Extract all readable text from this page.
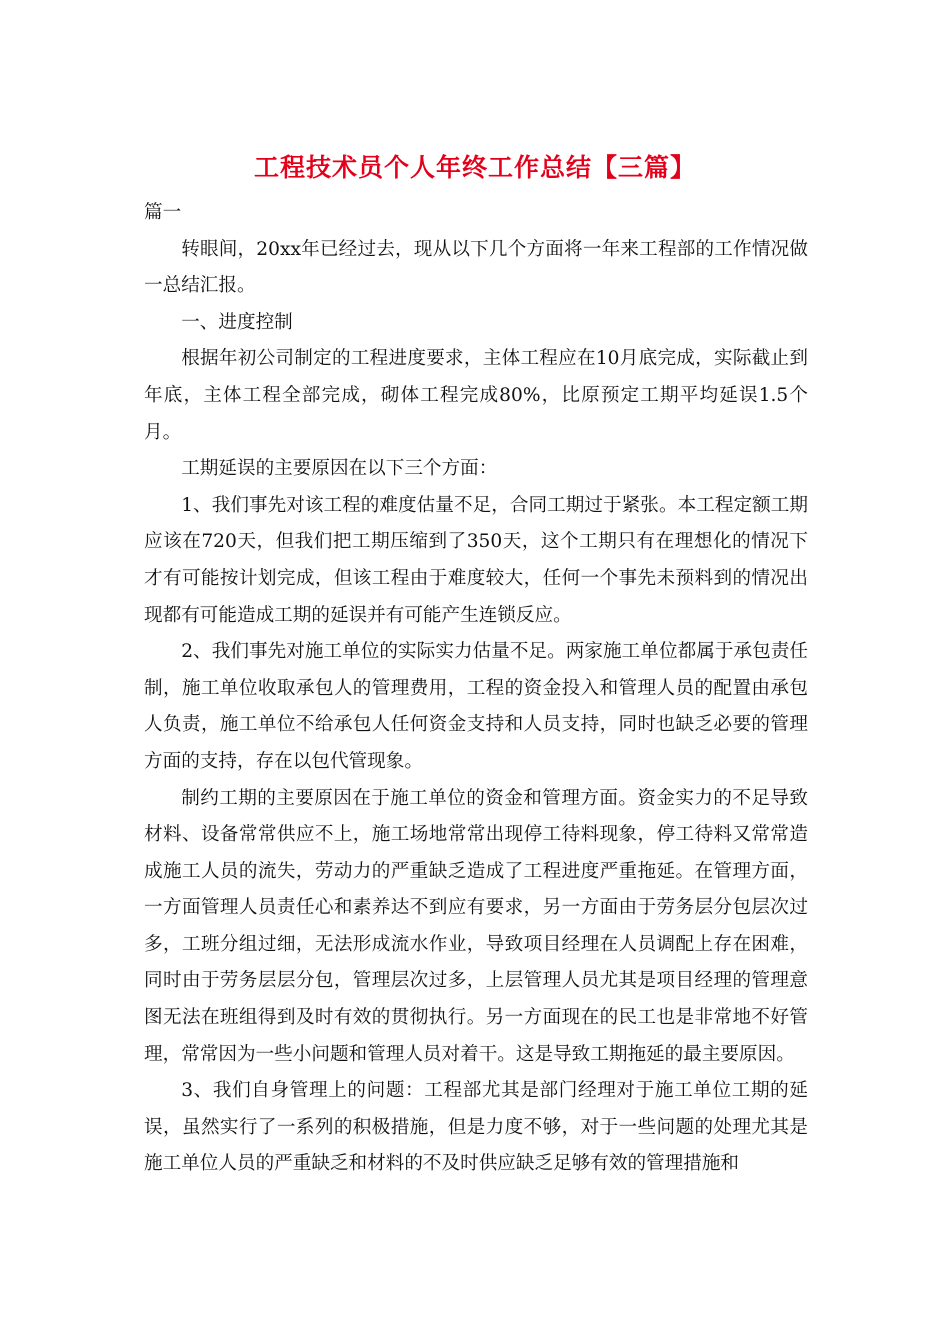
工程技术员个人年终工作总结【三篇】

篇一

转眼间，20xx年已经过去，现从以下几个方面将一年来工程部的工作情况做一总结汇报。

一、进度控制

根据年初公司制定的工程进度要求，主体工程应在10月底完成，实际截止到年底，主体工程全部完成，砌体工程完成80%，比原预定工期平均延误1.5个月。

工期延误的主要原因在以下三个方面：

1、我们事先对该工程的难度估量不足，合同工期过于紧张。本工程定额工期应该在720天，但我们把工期压缩到了350天，这个工期只有在理想化的情况下才有可能按计划完成，但该工程由于难度较大，任何一个事先未预料到的情况出现都有可能造成工期的延误并有可能产生连锁反应。

2、我们事先对施工单位的实际实力估量不足。两家施工单位都属于承包责任制，施工单位收取承包人的管理费用，工程的资金投入和管理人员的配置由承包人负责，施工单位不给承包人任何资金支持和人员支持，同时也缺乏必要的管理方面的支持，存在以包代管现象。

制约工期的主要原因在于施工单位的资金和管理方面。资金实力的不足导致材料、设备常常供应不上，施工场地常常出现停工待料现象，停工待料又常常造成施工人员的流失，劳动力的严重缺乏造成了工程进度严重拖延。在管理方面，一方面管理人员责任心和素养达不到应有要求，另一方面由于劳务层分包层次过多，工班分组过细，无法形成流水作业，导致项目经理在人员调配上存在困难，同时由于劳务层层分包，管理层次过多，上层管理人员尤其是项目经理的管理意图无法在班组得到及时有效的贯彻执行。另一方面现在的民工也是非常地不好管理，常常因为一些小问题和管理人员对着干。这是导致工期拖延的最主要原因。

3、我们自身管理上的问题：工程部尤其是部门经理对于施工单位工期的延误，虽然实行了一系列的积极措施，但是力度不够，对于一些问题的处理尤其是施工单位人员的严重缺乏和材料的不及时供应缺乏足够有效的管理措施和
